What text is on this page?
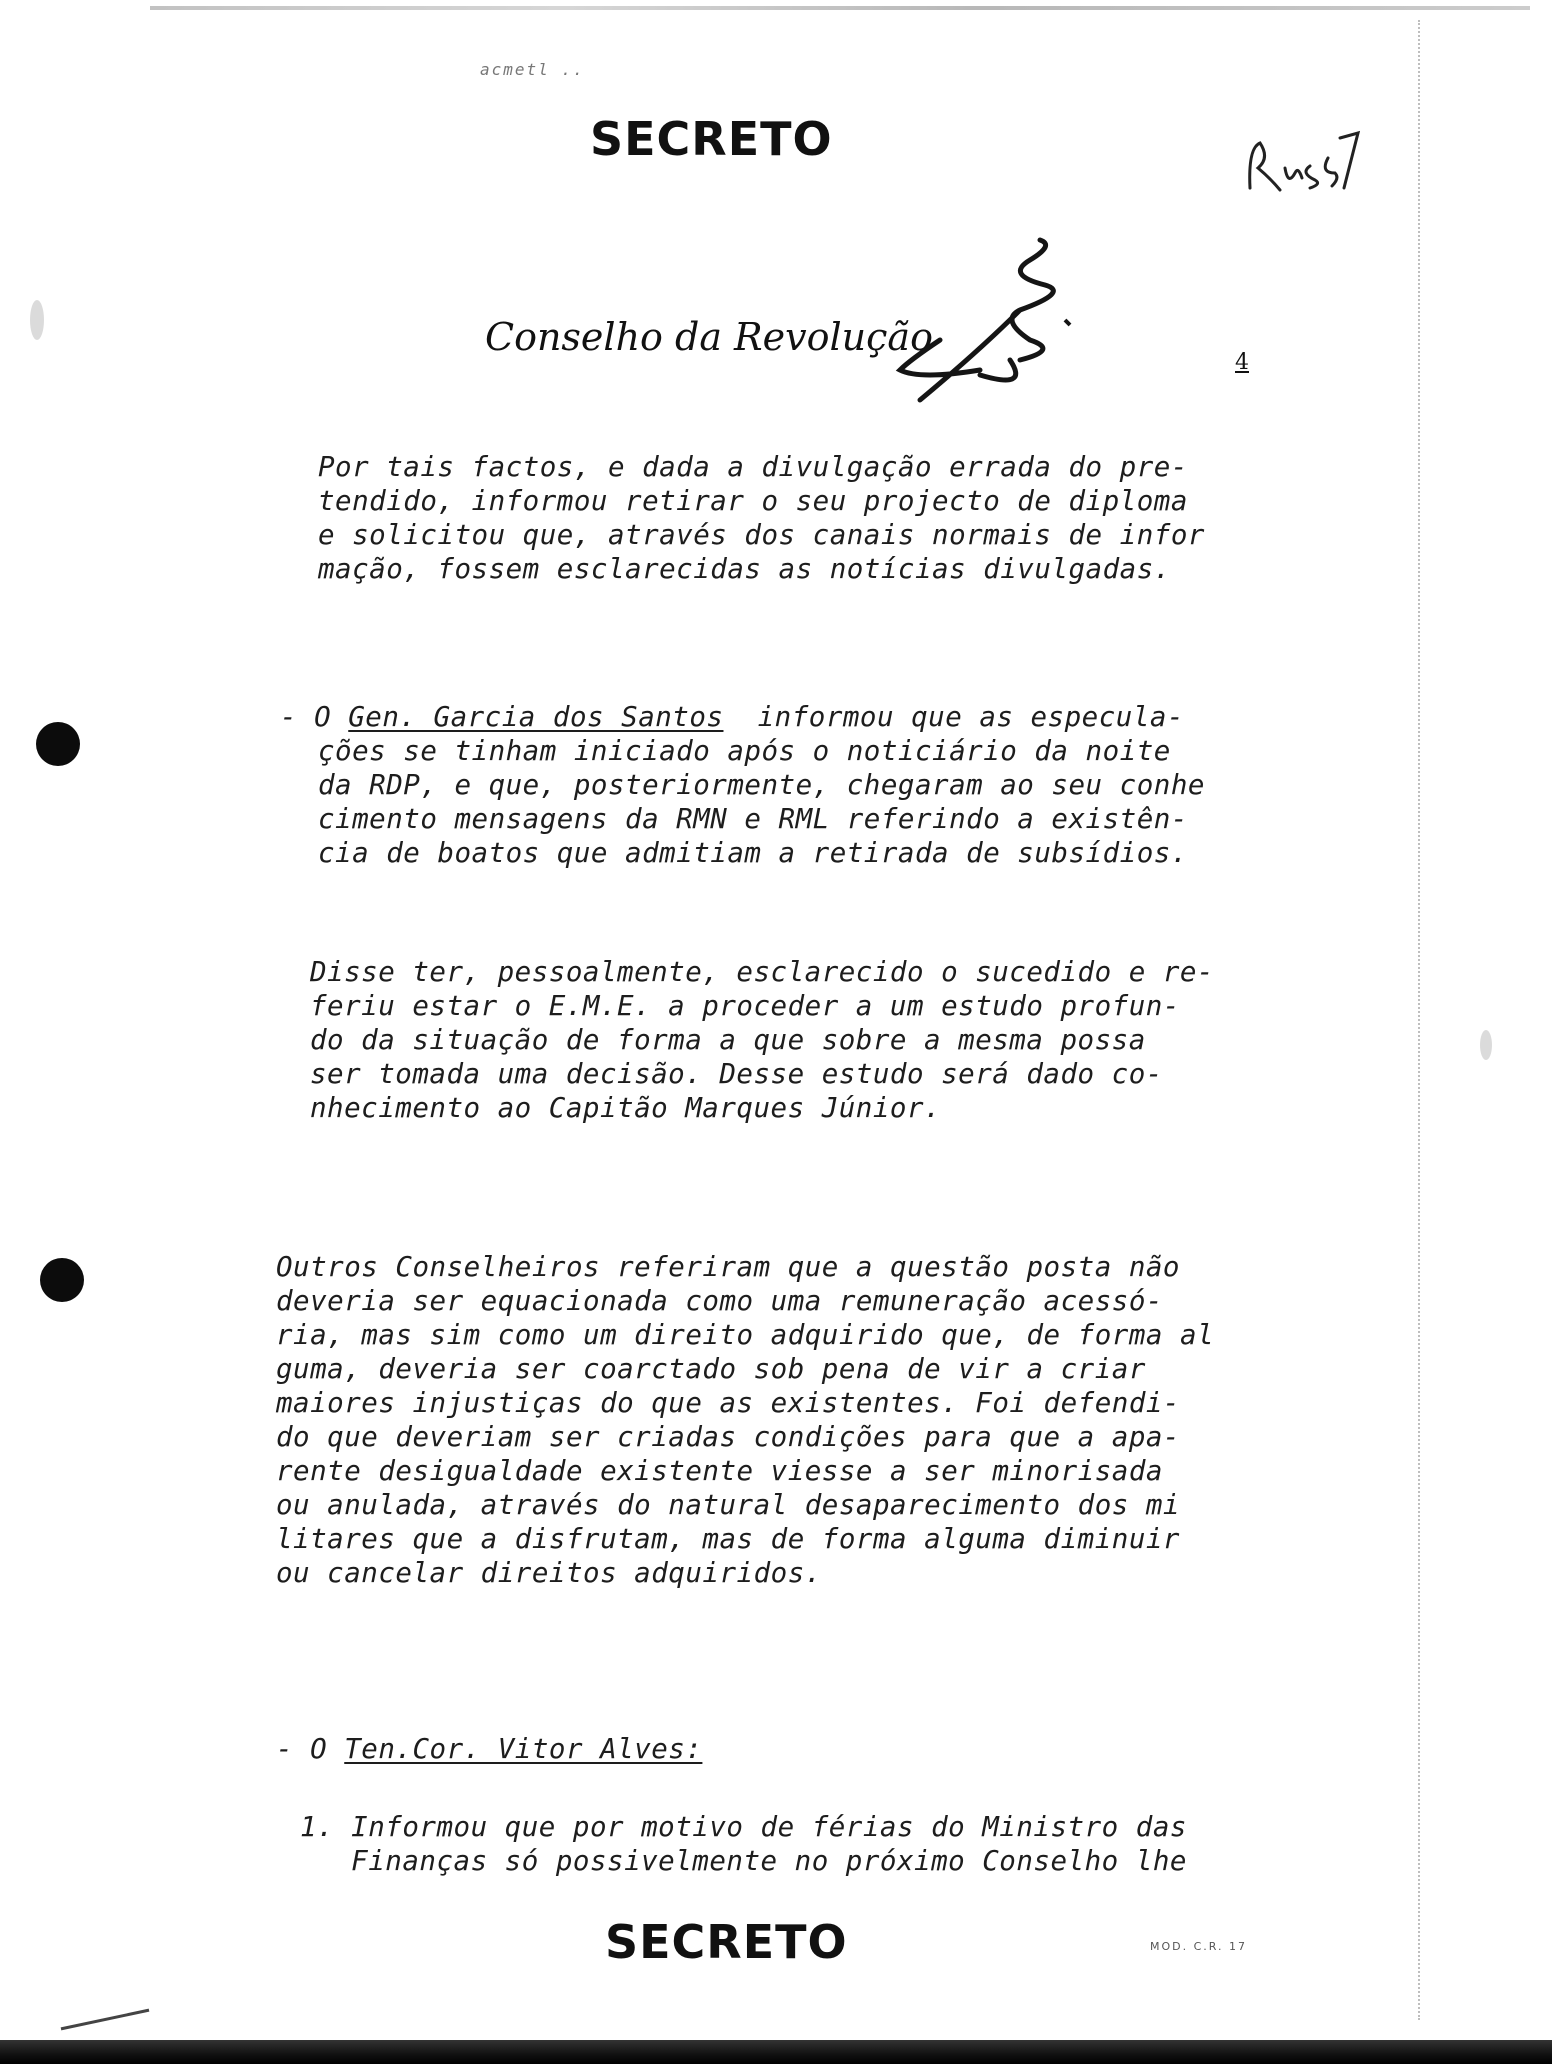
acmetl ..
SECRETO
Conselho da Revolução
4
Por tais factos, e dada a divulgação errada do pre-
tendido, informou retirar o seu projecto de diploma
e solicitou que, através dos canais normais de infor
mação, fossem esclarecidas as notícias divulgadas.
- O Gen. Garcia dos Santos  informou que as especula-
ções se tinham iniciado após o noticiário da noite
da RDP, e que, posteriormente, chegaram ao seu conhe
cimento mensagens da RMN e RML referindo a existên-
cia de boatos que admitiam a retirada de subsídios.
Disse ter, pessoalmente, esclarecido o sucedido e re-
feriu estar o E.M.E. a proceder a um estudo profun-
do da situação de forma a que sobre a mesma possa
ser tomada uma decisão. Desse estudo será dado co-
nhecimento ao Capitão Marques Júnior.
Outros Conselheiros referiram que a questão posta não
deveria ser equacionada como uma remuneração acessó-
ria, mas sim como um direito adquirido que, de forma al
guma, deveria ser coarctado sob pena de vir a criar
maiores injustiças do que as existentes. Foi defendi-
do que deveriam ser criadas condições para que a apa-
rente desigualdade existente viesse a ser minorisada
ou anulada, através do natural desaparecimento dos mi
litares que a disfrutam, mas de forma alguma diminuir
ou cancelar direitos adquiridos.
- O Ten.Cor. Vitor Alves:
1. Informou que por motivo de férias do Ministro das
Finanças só possivelmente no próximo Conselho lhe
SECRETO	MOD. C.R. 17
